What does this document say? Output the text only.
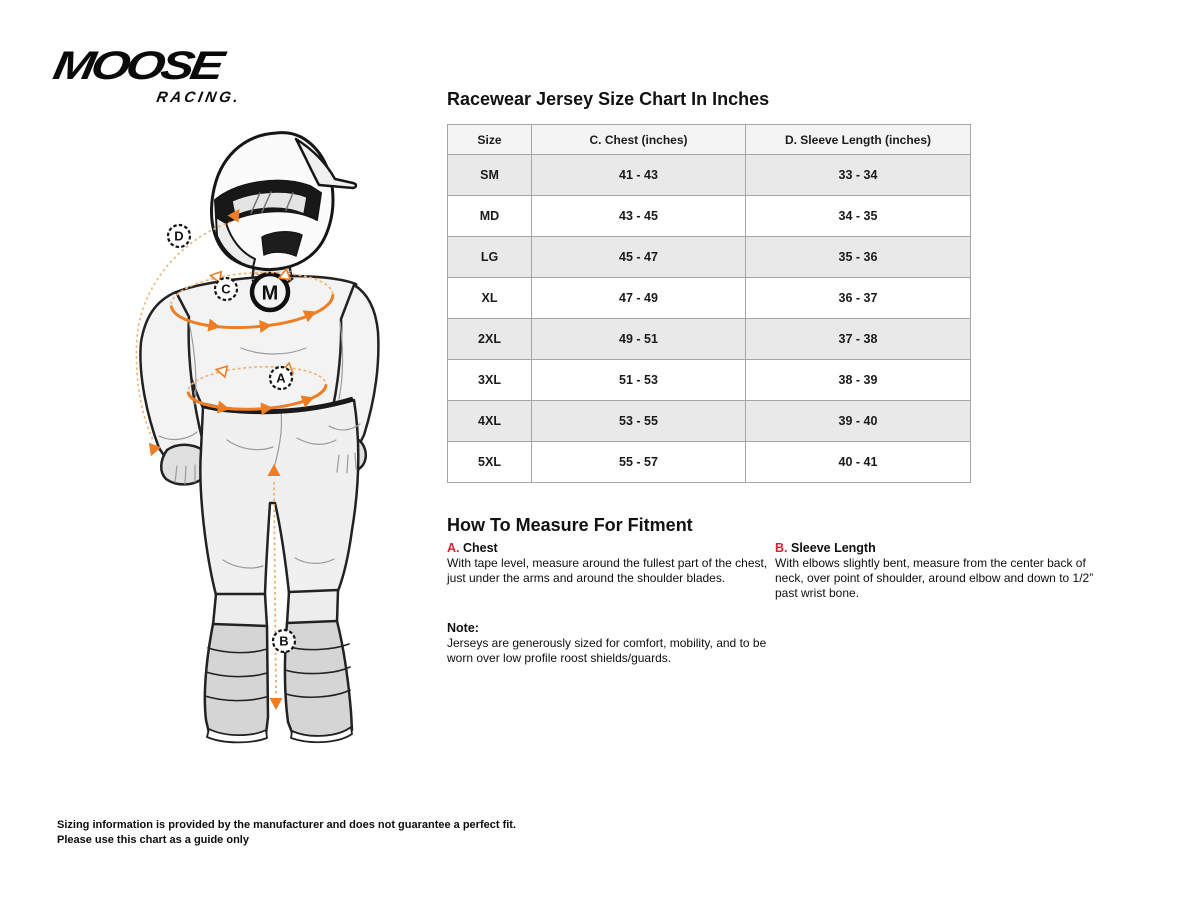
MOOSE
RACING.
M
D
C
A
B
Racewear Jersey Size Chart In Inches
Size	C. Chest (inches)	D. Sleeve Length (inches)
SM	41 - 43	33 - 34
MD	43 - 45	34 - 35
LG	45 - 47	35 - 36
XL	47 - 49	36 - 37
2XL	49 - 51	37 - 38
3XL	51 - 53	38 - 39
4XL	53 - 55	39 - 40
5XL	55 - 57	40 - 41
How To Measure For Fitment
A. Chest
With tape level, measure around the fullest part of the chest, just under the arms and around the shoulder blades.
B. Sleeve Length
With elbows slightly bent, measure from the center back of neck, over point of shoulder, around elbow and down to 1/2” past wrist bone.
Note:
Jerseys are generously sized for comfort, mobility, and to be worn over low profile roost shields/guards.
Sizing information is provided by the manufacturer and does not guarantee a perfect fit.
Please use this chart as a guide only
